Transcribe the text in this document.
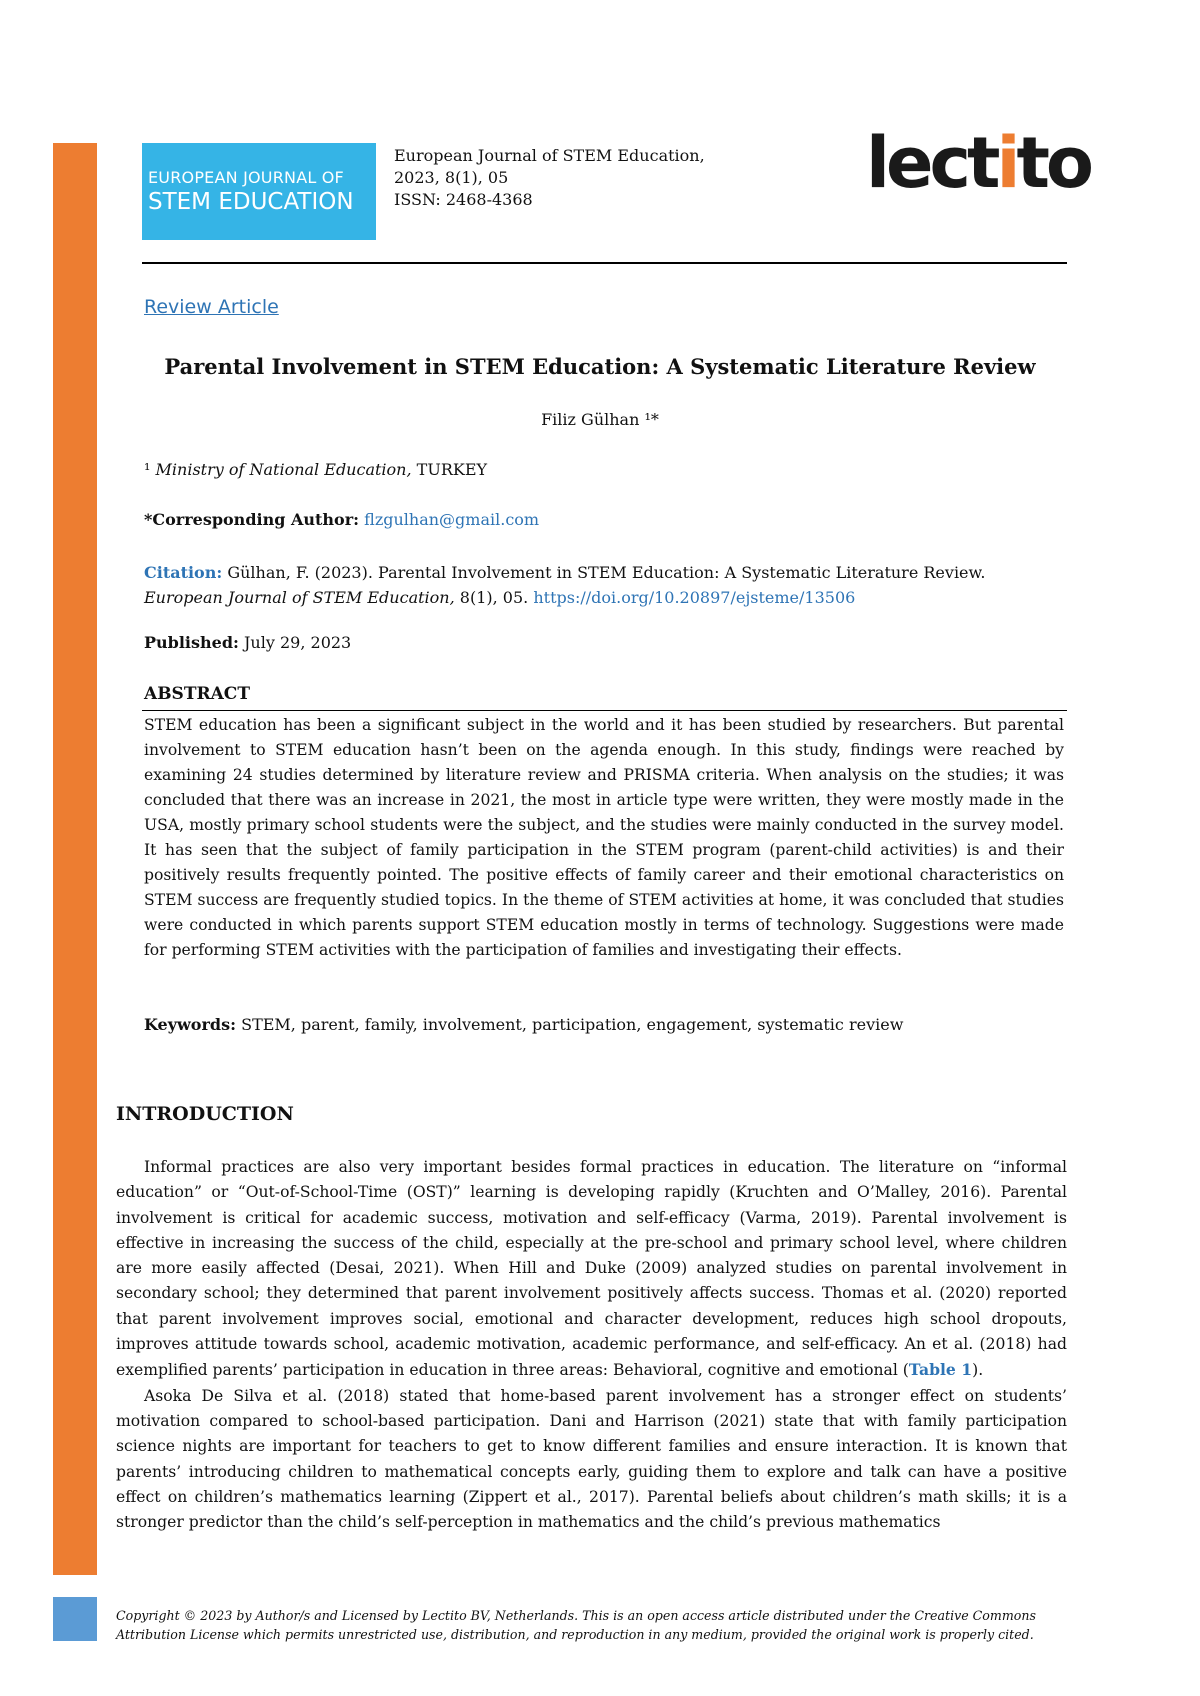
EUROPEAN JOURNAL OF
STEM EDUCATION
European Journal of STEM Education,
2023, 8(1), 05
ISSN: 2468-4368	lectito
Review Article
Parental Involvement in STEM Education: A Systematic Literature Review
Filiz Gülhan ¹*
¹ Ministry of National Education, TURKEY
*Corresponding Author: flzgulhan@gmail.com
Citation: Gülhan, F. (2023). Parental Involvement in STEM Education: A Systematic Literature Review. European Journal of STEM Education, 8(1), 05. https://doi.org/10.20897/ejsteme/13506
Published: July 29, 2023
ABSTRACT
STEM education has been a significant subject in the world and it has been studied by researchers. But parental involvement to STEM education hasn’t been on the agenda enough. In this study, findings were reached by examining 24 studies determined by literature review and PRISMA criteria. When analysis on the studies; it was concluded that there was an increase in 2021, the most in article type were written, they were mostly made in the USA, mostly primary school students were the subject, and the studies were mainly conducted in the survey model. It has seen that the subject of family participation in the STEM program (parent-child activities) is and their positively results frequently pointed. The positive effects of family career and their emotional characteristics on STEM success are frequently studied topics. In the theme of STEM activities at home, it was concluded that studies were conducted in which parents support STEM education mostly in terms of technology. Suggestions were made for performing STEM activities with the participation of families and investigating their effects.
Keywords: STEM, parent, family, involvement, participation, engagement, systematic review
INTRODUCTION

Informal practices are also very important besides formal practices in education. The literature on “informal education” or “Out-of-School-Time (OST)” learning is developing rapidly (Kruchten and O’Malley, 2016). Parental involvement is critical for academic success, motivation and self-efficacy (Varma, 2019). Parental involvement is effective in increasing the success of the child, especially at the pre-school and primary school level, where children are more easily affected (Desai, 2021). When Hill and Duke (2009) analyzed studies on parental involvement in secondary school; they determined that parent involvement positively affects success. Thomas et al. (2020) reported that parent involvement improves social, emotional and character development, reduces high school dropouts, improves attitude towards school, academic motivation, academic performance, and self-efficacy. An et al. (2018) had exemplified parents’ participation in education in three areas: Behavioral, cognitive and emotional (Table 1).

Asoka De Silva et al. (2018) stated that home-based parent involvement has a stronger effect on students’ motivation compared to school-based participation. Dani and Harrison (2021) state that with family participation science nights are important for teachers to get to know different families and ensure interaction. It is known that parents’ introducing children to mathematical concepts early, guiding them to explore and talk can have a positive effect on children’s mathematics learning (Zippert et al., 2017). Parental beliefs about children’s math skills; it is a stronger predictor than the child’s self-perception in mathematics and the child’s previous mathematics

Copyright © 2023 by Author/s and Licensed by Lectito BV, Netherlands. This is an open access article distributed under the Creative Commons Attribution License which permits unrestricted use, distribution, and reproduction in any medium, provided the original work is properly cited.
